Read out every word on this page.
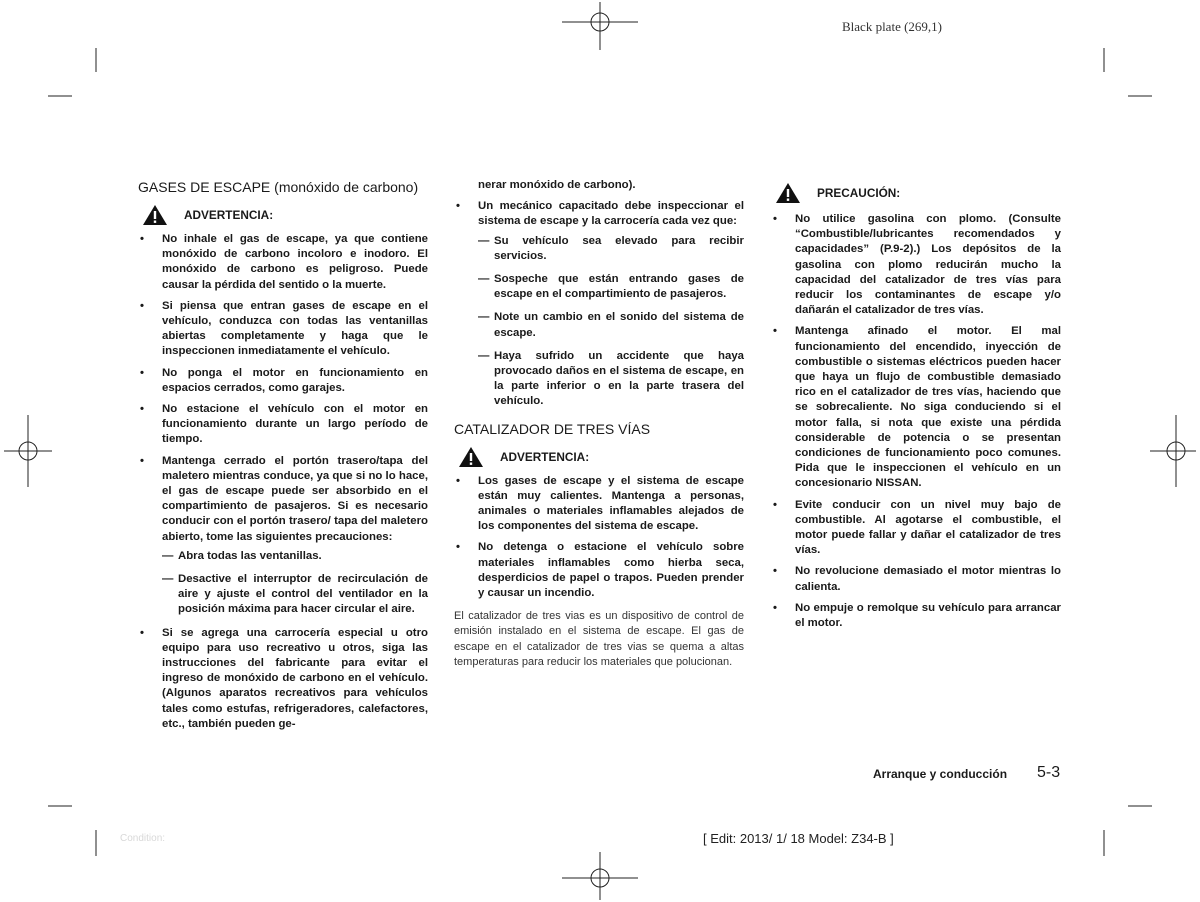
Black plate (269,1)
GASES DE ESCAPE (monóxido de carbono)
ADVERTENCIA:
• No inhale el gas de escape, ya que contiene monóxido de carbono incoloro e inodoro. El monóxido de carbono es peligroso. Puede causar la pérdida del sentido o la muerte.
• Si piensa que entran gases de escape en el vehículo, conduzca con todas las ventanillas abiertas completamente y haga que le inspeccionen inmediatamente el vehículo.
• No ponga el motor en funcionamiento en espacios cerrados, como garajes.
• No estacione el vehículo con el motor en funcionamiento durante un largo período de tiempo.
• Mantenga cerrado el portón trasero/tapa del maletero mientras conduce, ya que si no lo hace, el gas de escape puede ser absorbido en el compartimiento de pasajeros. Si es necesario conducir con el portón trasero/ tapa del maletero abierto, tome las siguientes precauciones:
— Abra todas las ventanillas.
— Desactive el interruptor de recirculación de aire y ajuste el control del ventilador en la posición máxima para hacer circular el aire.
• Si se agrega una carrocería especial u otro equipo para uso recreativo u otros, siga las instrucciones del fabricante para evitar el ingreso de monóxido de carbono en el vehículo. (Algunos aparatos recreativos para vehículos tales como estufas, refrigeradores, calefactores, etc., también pueden ge-
nerar monóxido de carbono).
• Un mecánico capacitado debe inspeccionar el sistema de escape y la carrocería cada vez que:
— Su vehículo sea elevado para recibir servicios.
— Sospeche que están entrando gases de escape en el compartimiento de pasajeros.
— Note un cambio en el sonido del sistema de escape.
— Haya sufrido un accidente que haya provocado daños en el sistema de escape, en la parte inferior o en la parte trasera del vehículo.
CATALIZADOR DE TRES VÍAS
ADVERTENCIA:
• Los gases de escape y el sistema de escape están muy calientes. Mantenga a personas, animales o materiales inflamables alejados de los componentes del sistema de escape.
• No detenga o estacione el vehículo sobre materiales inflamables como hierba seca, desperdicios de papel o trapos. Pueden prender y causar un incendio.

El catalizador de tres vias es un dispositivo de control de emisión instalado en el sistema de escape. El gas de escape en el catalizador de tres vias se quema a altas temperaturas para reducir los materiales que polucionan.

PRECAUCIÓN:
• No utilice gasolina con plomo. (Consulte “Combustible/lubricantes recomendados y capacidades” (P.9-2).) Los depósitos de la gasolina con plomo reducirán mucho la capacidad del catalizador de tres vías para reducir los contaminantes de escape y/o dañarán el catalizador de tres vías.
• Mantenga afinado el motor. El mal funcionamiento del encendido, inyección de combustible o sistemas eléctricos pueden hacer que haya un flujo de combustible demasiado rico en el catalizador de tres vías, haciendo que se sobrecaliente. No siga conduciendo si el motor falla, si nota que existe una pérdida considerable de potencia o se presentan condiciones de funcionamiento poco comunes. Pida que le inspeccionen el vehículo en un concesionario NISSAN.
• Evite conducir con un nivel muy bajo de combustible. Al agotarse el combustible, el motor puede fallar y dañar el catalizador de tres vías.
• No revolucione demasiado el motor mientras lo calienta.
• No empuje o remolque su vehículo para arrancar el motor.
Arranque y conducción 5-3
[ Edit: 2013/ 1/ 18 Model: Z34-B ]
Condition:
